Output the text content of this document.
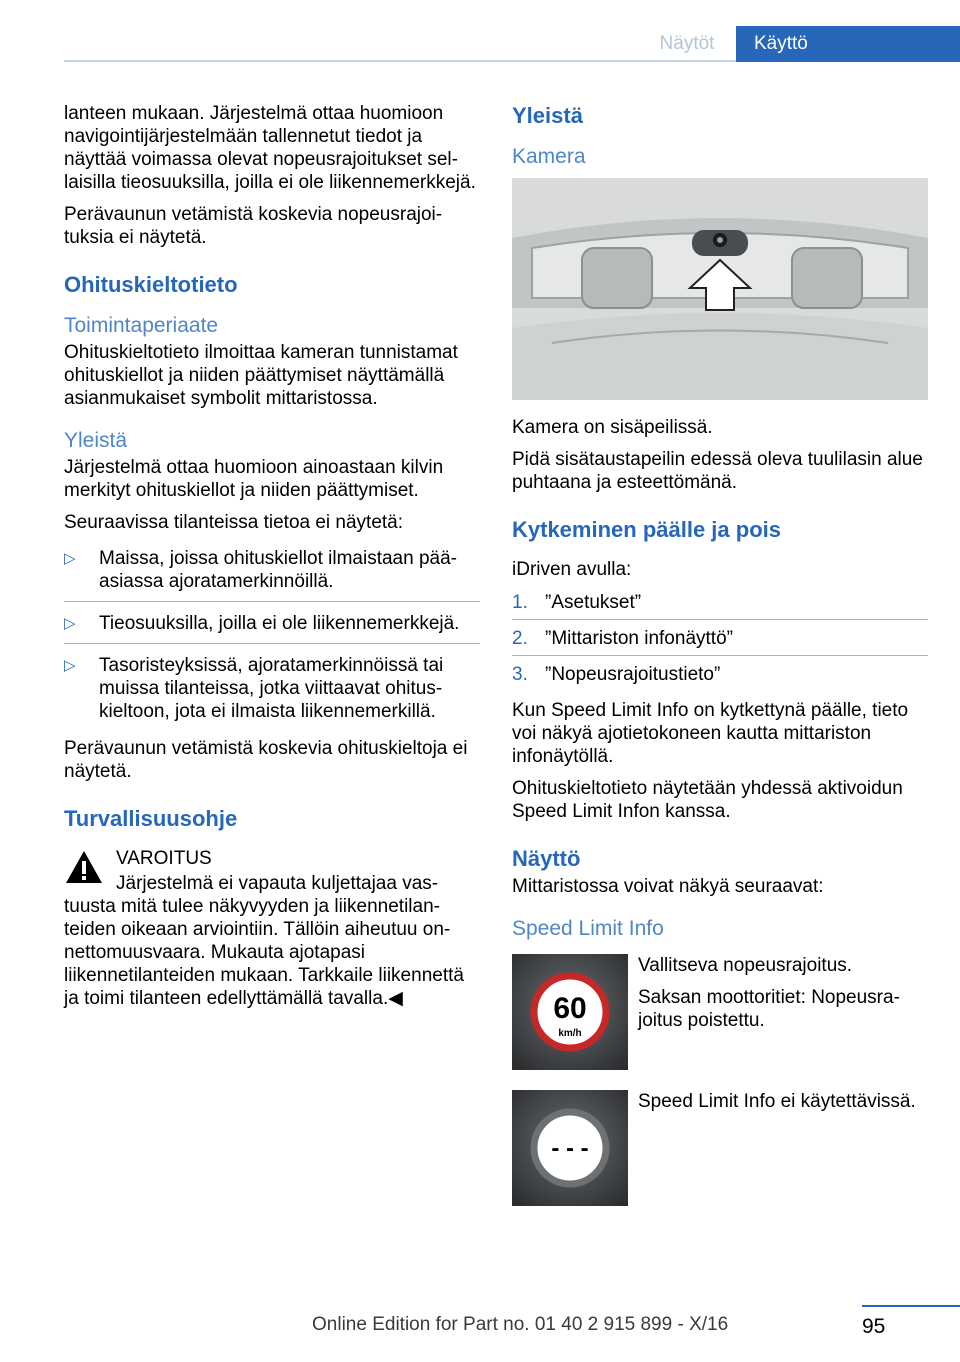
Näytöt	Käyttö

lanteen mukaan. Järjestelmä ottaa huomioon navigointijärjestelmään tallennetut tiedot ja näyttää voimassa olevat nopeusrajoitukset sellaisilla tieosuuksilla, joilla ei ole liikennemerkkejä.

Perävaunun vetämistä koskevia nopeusrajoituksia ei näytetä.

Ohituskieltotieto
Toimintaperiaate

Ohituskieltotieto ilmoittaa kameran tunnistamat ohituskiellot ja niiden päättymiset näyttämällä asianmukaiset symbolit mittaristossa.

Yleistä

Järjestelmä ottaa huomioon ainoastaan kilvin merkityt ohituskiellot ja niiden päättymiset.

Seuraavissa tilanteissa tietoa ei näytetä:

▷ Maissa, joissa ohituskiellot ilmaistaan pääasiassa ajoratamerkinnöillä.
▷ Tieosuuksilla, joilla ei ole liikennemerkkejä.
▷ Tasoristeyksissä, ajoratamerkinnöissä tai muissa tilanteissa, jotka viittaavat ohituskieltoon, jota ei ilmaista liikennemerkillä.

Perävaunun vetämistä koskevia ohituskieltoja ei näytetä.

Turvallisuusohje

VAROITUS

Järjestelmä ei vapauta kuljettajaa vastuusta mitä tulee näkyvyyden ja liikennetilanteiden oikeaan arviointiin. Tällöin aiheutuu onnettomuusvaara. Mukauta ajotapasi liikennetilanteiden mukaan. Tarkkaile liikennettä ja toimi tilanteen edellyttämällä tavalla.◀

Yleistä
Kamera

Kamera on sisäpeilissä.

Pidä sisätaustapeilin edessä oleva tuulilasin alue puhtaana ja esteettömänä.

Kytkeminen päälle ja pois

iDriven avulla:

1. ”Asetukset”
2. ”Mittariston infonäyttö”
3. ”Nopeusrajoitustieto”

Kun Speed Limit Info on kytkettynä päälle, tieto voi näkyä ajotietokoneen kautta mittariston infonäytöllä.

Ohituskieltotieto näytetään yhdessä aktivoidun Speed Limit Infon kanssa.

Näyttö

Mittaristossa voivat näkyä seuraavat:

Speed Limit Info
60
km/h

Vallitseva nopeusrajoitus.

Saksan moottoritiet: Nopeusrajoitus poistettu.

- - -

Speed Limit Info ei käytettävissä.

95
Online Edition for Part no. 01 40 2 915 899 - X/16
